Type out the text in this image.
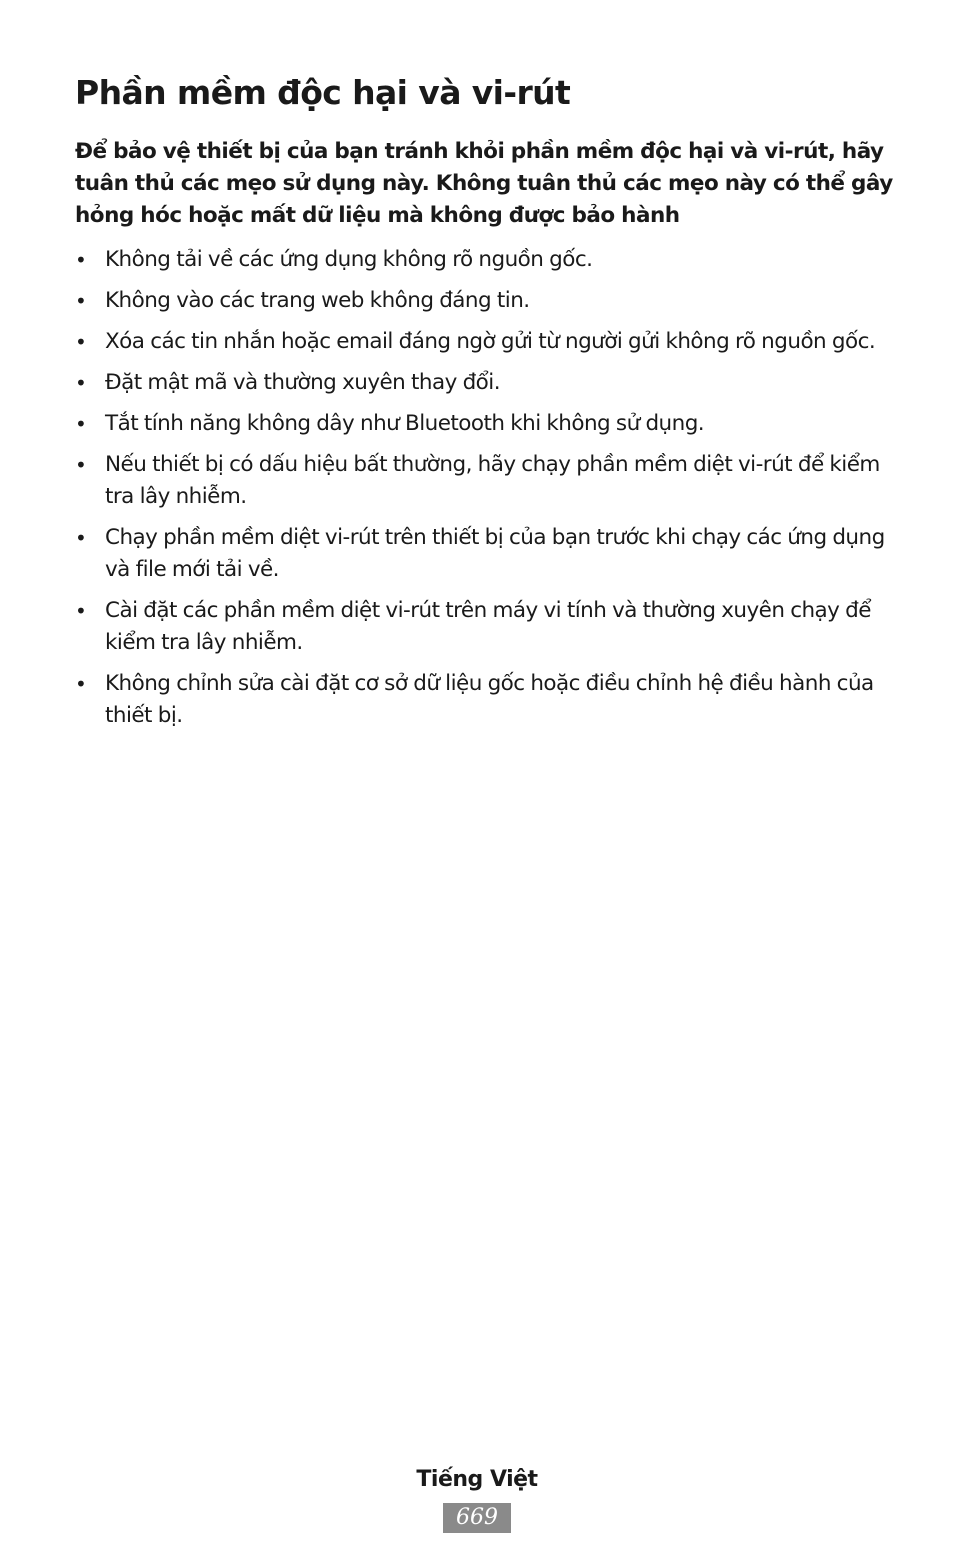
Phần mềm độc hại và vi-rút

Để bảo vệ thiết bị của bạn tránh khỏi phần mềm độc hại và vi-rút, hãy tuân thủ các mẹo sử dụng này. Không tuân thủ các mẹo này có thể gây hỏng hóc hoặc mất dữ liệu mà không được bảo hành

• Không tải về các ứng dụng không rõ nguồn gốc.
• Không vào các trang web không đáng tin.
• Xóa các tin nhắn hoặc email đáng ngờ gửi từ người gửi không rõ nguồn gốc.
• Đặt mật mã và thường xuyên thay đổi.
• Tắt tính năng không dây như Bluetooth khi không sử dụng.
• Nếu thiết bị có dấu hiệu bất thường, hãy chạy phần mềm diệt vi-rút để kiểm tra lây nhiễm.
• Chạy phần mềm diệt vi-rút trên thiết bị của bạn trước khi chạy các ứng dụng và file mới tải về.
• Cài đặt các phần mềm diệt vi-rút trên máy vi tính và thường xuyên chạy để kiểm tra lây nhiễm.
• Không chỉnh sửa cài đặt cơ sở dữ liệu gốc hoặc điều chỉnh hệ điều hành của thiết bị.
Tiếng Việt
669
